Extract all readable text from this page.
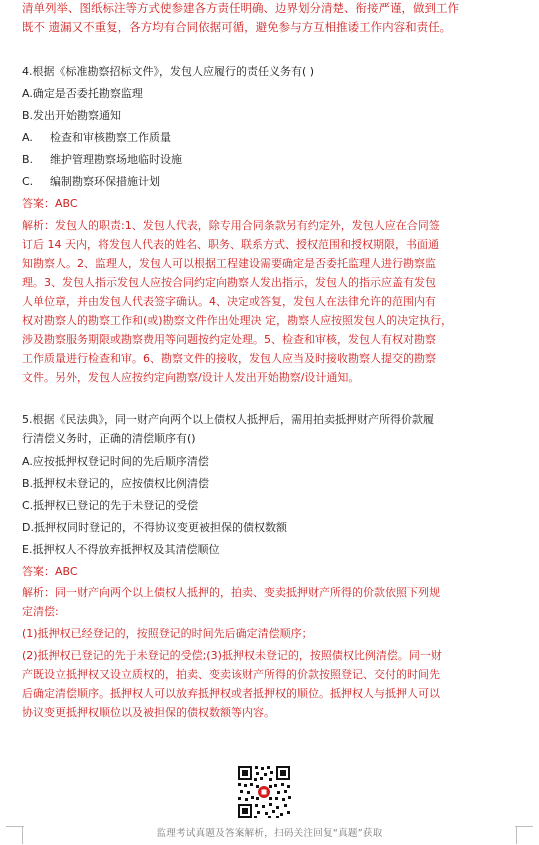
清单列举、图纸标注等方式使参建各方责任明确、边界划分清楚、衔接严谨，做到工作

既不 遗漏又不重复，各方均有合同依据可循，避免参与方互相推诿工作内容和责任。

4.根据《标准勘察招标文件》，发包人应履行的责任义务有( )

A.确定是否委托勘察监理

B.发出开始勘察通知

A. 检查和审核勘察工作质量

B. 维护管理勘察场地临时设施

C. 编制勘察环保措施计划

答案：ABC

解析：发包人的职责:1、发包人代表，除专用合同条款另有约定外，发包人应在合同签

订后 14 天内，将发包人代表的姓名、职务、联系方式、授权范围和授权期限，书面通

知勘察人。2、监理人，发包人可以根据工程建设需要确定是否委托监理人进行勘察监

理。3、发包人指示发包人应按合同约定向勘察人发出指示，发包人的指示应盖有发包

人单位章，并由发包人代表签字确认。4、决定或答复，发包人在法律允许的范围内有

权对勘察人的勘察工作和(或)勘察文件作出处理决 定，勘察人应按照发包人的决定执行，

涉及勘察服务期限或勘察费用等问题按约定处理。5、检查和审核，发包人有权对勘察

工作质量进行检查和审。6、勘察文件的接收，发包人应当及时接收勘察人提交的勘察

文件。另外，发包人应按约定向勘察/设计人发出开始勘察/设计通知。

5.根据《民法典》，同一财产向两个以上债权人抵押后，需用拍卖抵押财产所得价款履

行清偿义务时，正确的清偿顺序有()

A.应按抵押权登记时间的先后顺序清偿

B.抵押权未登记的，应按债权比例清偿

C.抵押权已登记的先于未登记的受偿

D.抵押权同时登记的，不得协议变更被担保的债权数额

E.抵押权人不得放弃抵押权及其清偿顺位

答案：ABC

解析：同一财产向两个以上债权人抵押的，拍卖、变卖抵押财产所得的价款依照下列规

定清偿:

(1)抵押权已经登记的，按照登记的时间先后确定清偿顺序；

(2)抵押权已登记的先于未登记的受偿;(3)抵押权未登记的，按照债权比例清偿。同一财

产既设立抵押权又设立质权的，拍卖、变卖该财产所得的价款按照登记、交付的时间先

后确定清偿顺序。抵押权人可以放弃抵押权或者抵押权的顺位。抵押权人与抵押人可以

协议变更抵押权顺位以及被担保的债权数额等内容。

监理考试真题及答案解析，扫码关注回复“真题”获取
